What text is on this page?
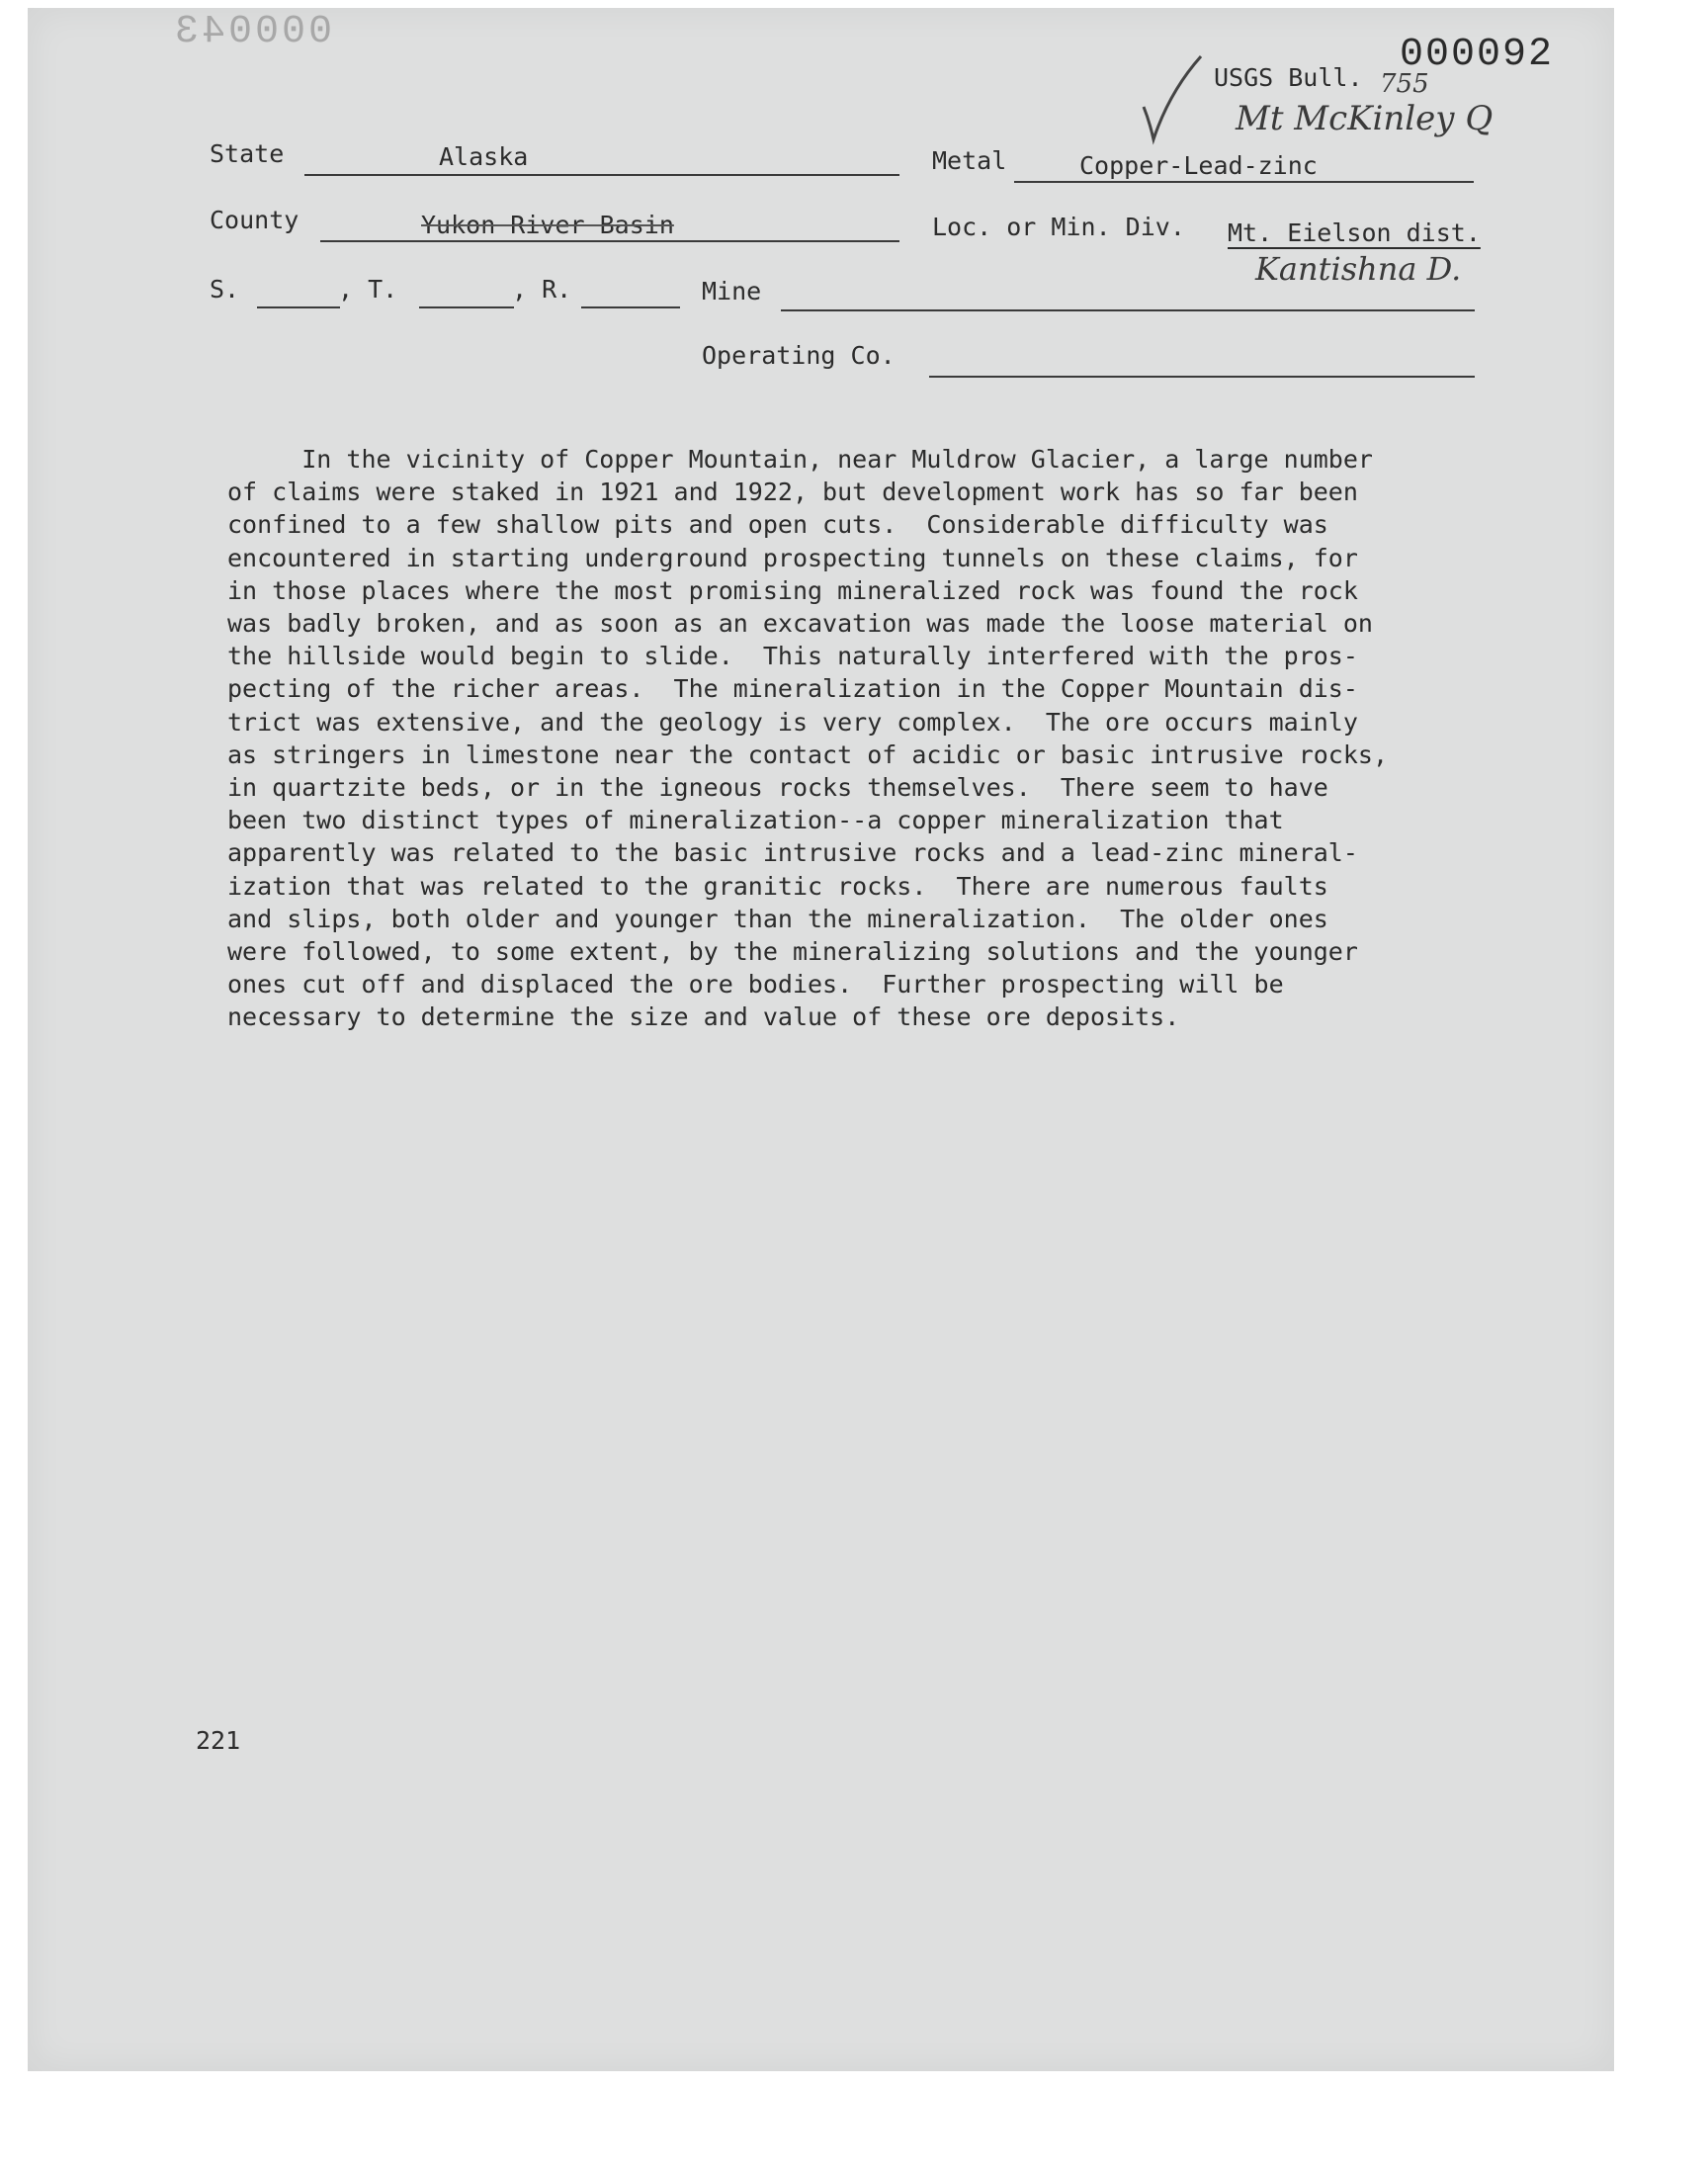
000043
000092
USGS Bull. 755
Mt McKinley Q
State	Alaska	Metal	Copper-Lead-zinc
County	Yukon River Basin	Loc. or Min. Div. Mt. Eielson dist.
Kantishna D.
S.	, T.	, R.	Mine
Operating Co.
In the vicinity of Copper Mountain, near Muldrow Glacier, a large number
of claims were staked in 1921 and 1922, but development work has so far been
confined to a few shallow pits and open cuts.  Considerable difficulty was
encountered in starting underground prospecting tunnels on these claims, for
in those places where the most promising mineralized rock was found the rock
was badly broken, and as soon as an excavation was made the loose material on
the hillside would begin to slide.  This naturally interfered with the pros-
pecting of the richer areas.  The mineralization in the Copper Mountain dis-
trict was extensive, and the geology is very complex.  The ore occurs mainly
as stringers in limestone near the contact of acidic or basic intrusive rocks,
in quartzite beds, or in the igneous rocks themselves.  There seem to have
been two distinct types of mineralization--a copper mineralization that
apparently was related to the basic intrusive rocks and a lead-zinc mineral-
ization that was related to the granitic rocks.  There are numerous faults
and slips, both older and younger than the mineralization.  The older ones
were followed, to some extent, by the mineralizing solutions and the younger
ones cut off and displaced the ore bodies.  Further prospecting will be
necessary to determine the size and value of these ore deposits.
221
